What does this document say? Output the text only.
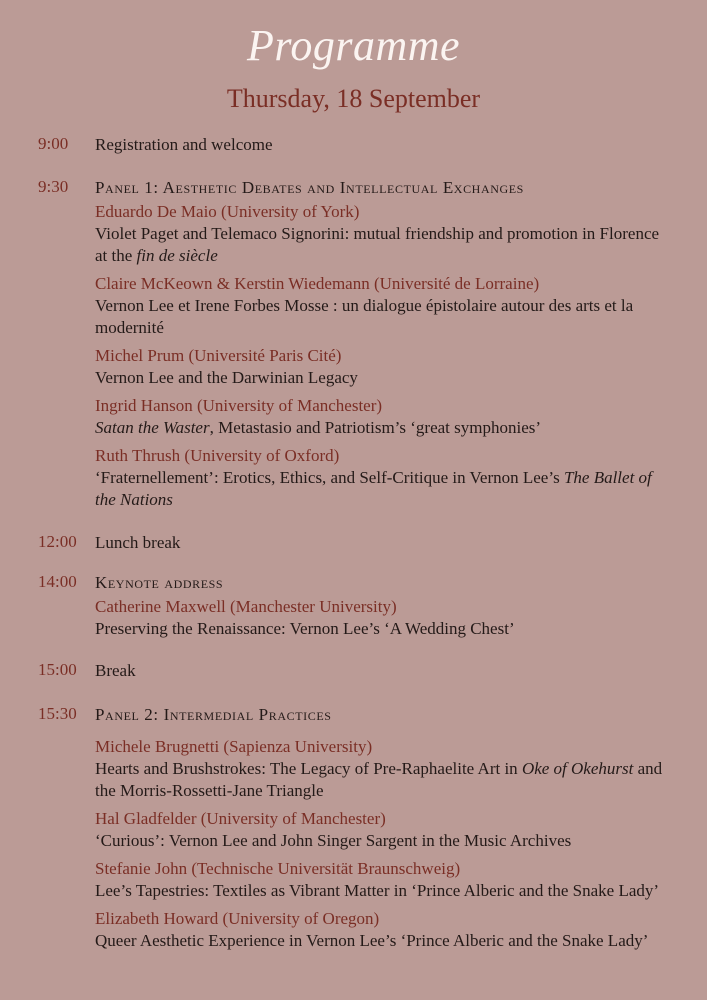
Programme
Thursday, 18 September
9:00 Registration and welcome
9:30 Panel 1: Aesthetic Debates and Intellectual Exchanges
Eduardo De Maio (University of York)
Violet Paget and Telemaco Signorini: mutual friendship and promotion in Florence at the fin de siècle
Claire McKeown & Kerstin Wiedemann (Université de Lorraine)
Vernon Lee et Irene Forbes Mosse : un dialogue épistolaire autour des arts et la modernité
Michel Prum (Université Paris Cité)
Vernon Lee and the Darwinian Legacy
Ingrid Hanson (University of Manchester)
Satan the Waster, Metastasio and Patriotism’s ‘great symphonies’
Ruth Thrush (University of Oxford)
‘Fraternellement’: Erotics, Ethics, and Self-Critique in Vernon Lee’s The Ballet of the Nations
12:00 Lunch break
14:00 Keynote address
Catherine Maxwell (Manchester University)
Preserving the Renaissance: Vernon Lee’s ‘A Wedding Chest’
15:00 Break
15:30 Panel 2: Intermedial Practices
Michele Brugnetti (Sapienza University)
Hearts and Brushstrokes: The Legacy of Pre-Raphaelite Art in Oke of Okehurst and the Morris-Rossetti-Jane Triangle
Hal Gladfelder (University of Manchester)
‘Curious’: Vernon Lee and John Singer Sargent in the Music Archives
Stefanie John (Technische Universität Braunschweig)
Lee’s Tapestries: Textiles as Vibrant Matter in ‘Prince Alberic and the Snake Lady’
Elizabeth Howard (University of Oregon)
Queer Aesthetic Experience in Vernon Lee’s ‘Prince Alberic and the Snake Lady’
